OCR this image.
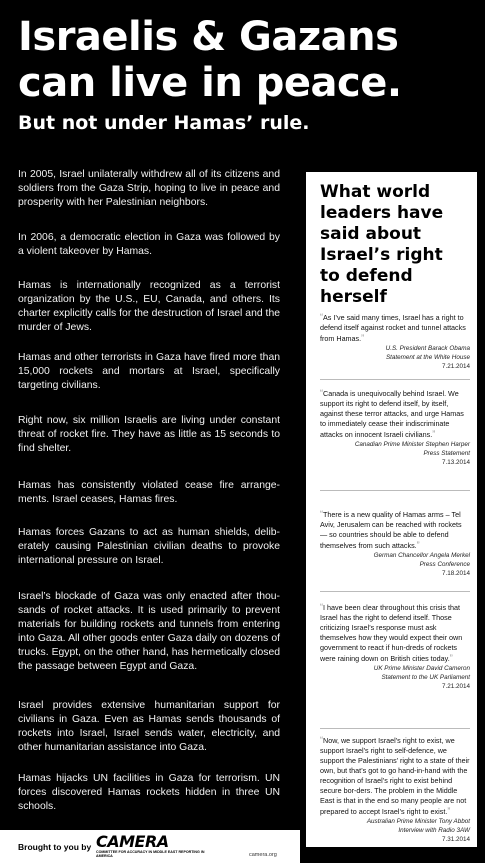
Israelis & Gazans
can live in peace.
But not under Hamas’ rule.

In 2005, Israel unilaterally withdrew all of its citizens and soldiers from the Gaza Strip, hoping to live in peace and prosperity with her Palestinian neighbors.

In 2006, a democratic election in Gaza was followed by a violent takeover by Hamas.

Hamas is internationally recognized as a terrorist organization by the U.S., EU, Canada, and others. Its charter explicitly calls for the destruction of Israel and the murder of Jews.

Hamas and other terrorists in Gaza have fired more than 15,000 rockets and mortars at Israel, specifically targeting civilians.

Right now, six million Israelis are living under constant threat of rocket fire. They have as little as 15 seconds to find shelter.

Hamas has consistently violated cease fire arrange-ments. Israel ceases, Hamas fires.

Hamas forces Gazans to act as human shields, delib-erately causing Palestinian civilian deaths to provoke international pressure on Israel.

Israel’s blockade of Gaza was only enacted after thou-sands of rocket attacks. It is used primarily to prevent materials for building rockets and tunnels from entering into Gaza. All other goods enter Gaza daily on dozens of trucks. Egypt, on the other hand, has hermetically closed the passage between Egypt and Gaza.

Israel provides extensive humanitarian support for civilians in Gaza. Even as Hamas sends thousands of rockets into Israel, Israel sends water, electricity, and other humanitarian assistance into Gaza.

Hamas hijacks UN facilities in Gaza for terrorism. UN forces discovered Hamas rockets hidden in three UN schools.

What world leaders have said about Israel’s right to defend herself
“As I’ve said many times, Israel has a right to defend itself against rocket and tunnel attacks from Hamas.”
U.S. President Barack Obama
Statement at the White House
7.21.2014
“Canada is unequivocally behind Israel. We support its right to defend itself, by itself, against these terror attacks, and urge Hamas to immediately cease their indiscriminate attacks on innocent Israeli civilians.”
Canadian Prime Minister Stephen Harper
Press Statement
7.13.2014
“There is a new quality of Hamas arms – Tel Aviv, Jerusalem can be reached with rockets — so countries should be able to defend themselves from such attacks.”
German Chancellor Angela Merkel
Press Conference
7.18.2014
“I have been clear throughout this crisis that Israel has the right to defend itself. Those criticizing Israel’s response must ask themselves how they would expect their own government to react if hun-dreds of rockets were raining down on British cities today.”
UK Prime Minister David Cameron
Statement to the UK Parliament
7.21.2014
“Now, we support Israel’s right to exist, we support Israel’s right to self-defence, we support the Palestinians’ right to a state of their own, but that’s got to go hand-in-hand with the recognition of Israel’s right to exist behind secure bor-ders. The problem in the Middle East is that in the end so many people are not prepared to accept Israel’s right to exist.”
Australian Prime Minister Tony Abbot
Interview with Radio 3AW
7.31.2014
Brought to you by CAMERA
COMMITTEE FOR ACCURACY IN MIDDLE EAST REPORTING IN AMERICA	camera.org
